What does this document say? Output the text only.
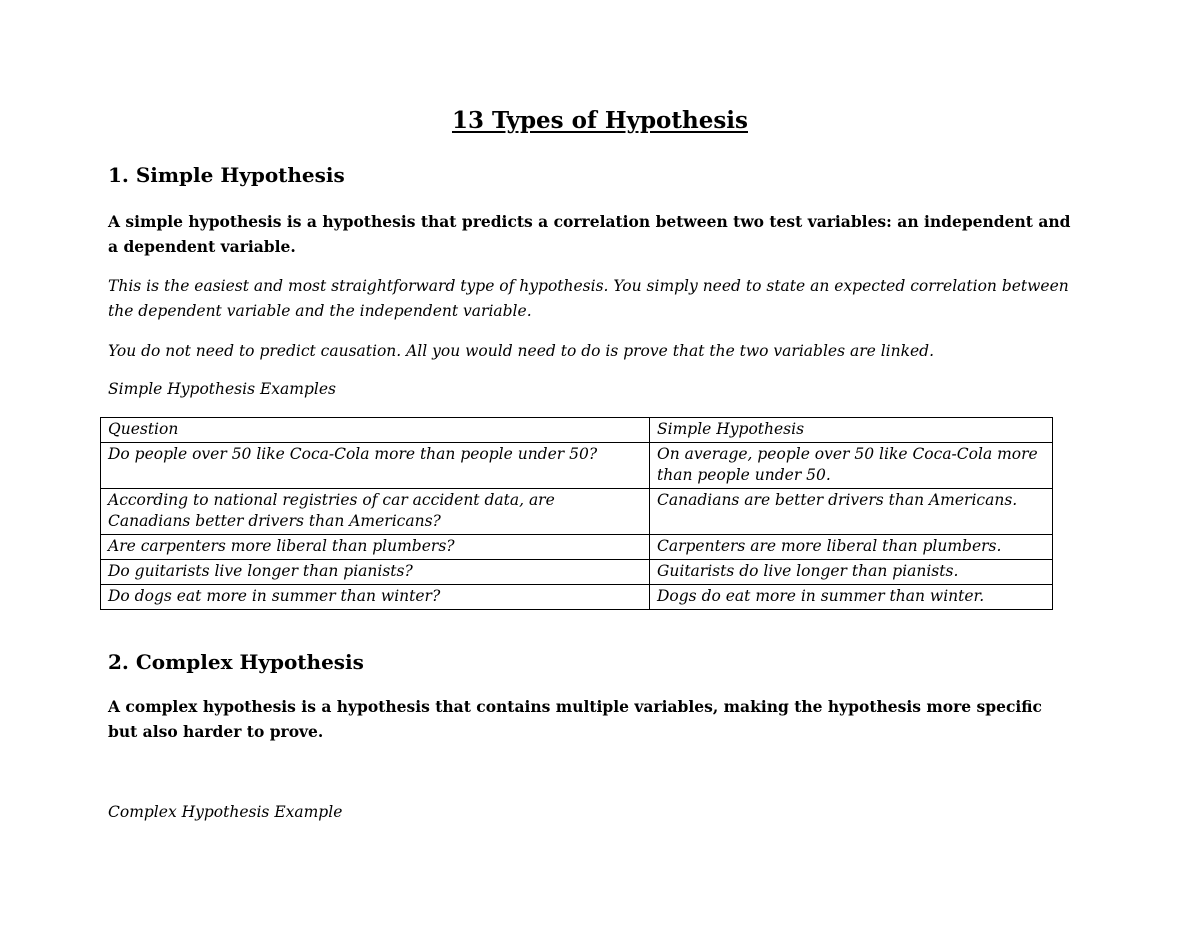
13 Types of Hypothesis
1. Simple Hypothesis

A simple hypothesis is a hypothesis that predicts a correlation between two test variables: an independent and a dependent variable.

This is the easiest and most straightforward type of hypothesis. You simply need to state an expected correlation between the dependent variable and the independent variable.

You do not need to predict causation. All you would need to do is prove that the two variables are linked.

Simple Hypothesis Examples

Question	Simple Hypothesis
Do people over 50 like Coca-Cola more than people under 50?	On average, people over 50 like Coca-Cola more than people under 50.
According to national registries of car accident data, are Canadians better drivers than Americans?	Canadians are better drivers than Americans.
Are carpenters more liberal than plumbers?	Carpenters are more liberal than plumbers.
Do guitarists live longer than pianists?	Guitarists do live longer than pianists.
Do dogs eat more in summer than winter?	Dogs do eat more in summer than winter.
2. Complex Hypothesis

A complex hypothesis is a hypothesis that contains multiple variables, making the hypothesis more specific but also harder to prove.

Complex Hypothesis Example
